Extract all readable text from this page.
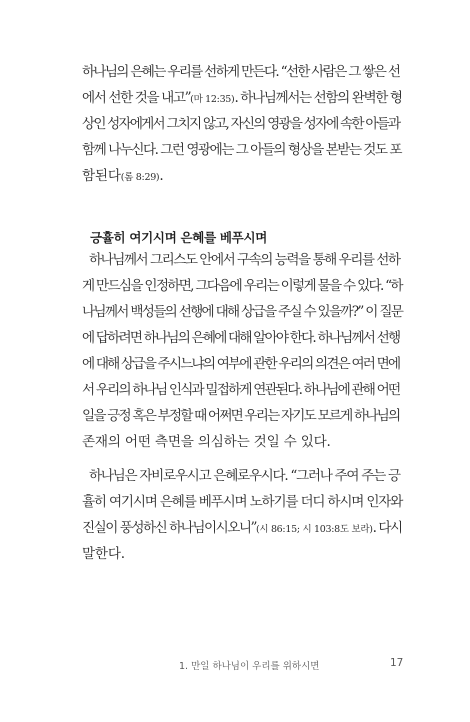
하나님의 은혜는 우리를 선하게 만든다. “선한 사람은 그 쌓은 선
에서 선한 것을 내고”(마 12:35). 하나님께서는 선함의 완벽한 형
상인 성자에게서 그치지 않고, 자신의 영광을 성자에 속한 아들과
함께 나누신다. 그런 영광에는 그 아들의 형상을 본받는 것도 포
함된다(롬 8:29).
긍휼히 여기시며 은혜를 베푸시며
하나님께서 그리스도 안에서 구속의 능력을 통해 우리를 선하
게 만드심을 인정하면, 그다음에 우리는 이렇게 물을 수 있다. “하
나님께서 백성들의 선행에 대해 상급을 주실 수 있을까?” 이 질문
에 답하려면 하나님의 은혜에 대해 알아야 한다. 하나님께서 선행
에 대해 상급을 주시느냐의 여부에 관한 우리의 의견은 여러 면에
서 우리의 하나님 인식과 밀접하게 연관된다. 하나님에 관해 어떤
일을 긍정 혹은 부정할 때 어쩌면 우리는 자기도 모르게 하나님의
존재의 어떤 측면을 의심하는 것일 수 있다.
하나님은 자비로우시고 은혜로우시다. “그러나 주여 주는 긍
휼히 여기시며 은혜를 베푸시며 노하기를 더디 하시며 인자와
진실이 풍성하신 하나님이시오니”(시 86:15; 시 103:8도 보라). 다시
말한다.
1. 만일 하나님이 우리를 위하시면	17
